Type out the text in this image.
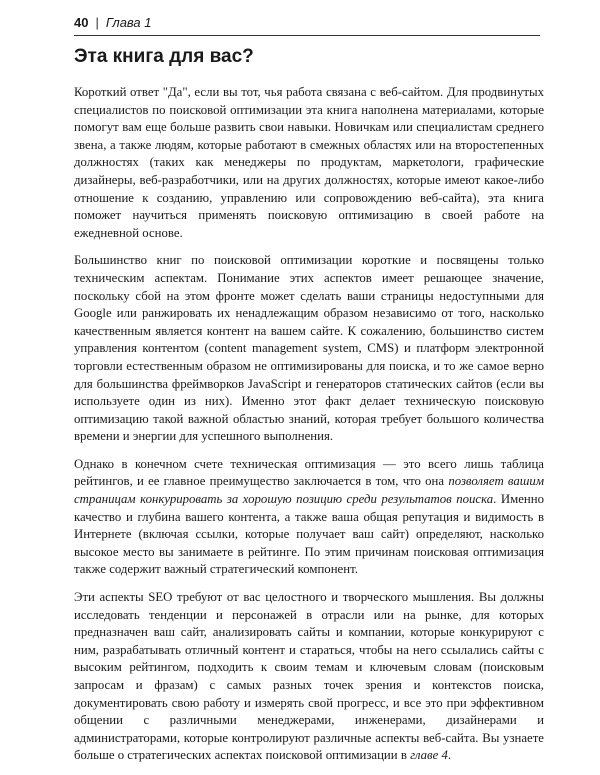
40 | Глава 1
Эта книга для вас?

Короткий ответ "Да", если вы тот, чья работа связана с веб-сайтом. Для продвинутых специалистов по поисковой оптимизации эта книга наполнена материалами, которые помогут вам еще больше развить свои навыки. Новичкам или специалистам среднего звена, а также людям, которые работают в смежных областях или на второстепенных должностях (таких как менеджеры по продуктам, маркетологи, графические дизайнеры, веб-разработчики, или на других должностях, которые имеют какое-либо отношение к созданию, управлению или сопровождению веб-сайта), эта книга поможет научиться применять поисковую оптимизацию в своей работе на ежедневной основе.

Большинство книг по поисковой оптимизации короткие и посвящены только техническим аспектам. Понимание этих аспектов имеет решающее значение, поскольку сбой на этом фронте может сделать ваши страницы недоступными для Google или ранжировать их ненадлежащим образом независимо от того, насколько качественным является контент на вашем сайте. К сожалению, большинство систем управления контентом (content management system, CMS) и платформ электронной торговли естественным образом не оптимизированы для поиска, и то же самое верно для большинства фреймворков JavaScript и генераторов статических сайтов (если вы используете один из них). Именно этот факт делает техническую поисковую оптимизацию такой важной областью знаний, которая требует большого количества времени и энергии для успешного выполнения.

Однако в конечном счете техническая оптимизация — это всего лишь таблица рейтингов, и ее главное преимущество заключается в том, что она позволяет вашим страницам конкурировать за хорошую позицию среди результатов поиска. Именно качество и глубина вашего контента, а также ваша общая репутация и видимость в Интернете (включая ссылки, которые получает ваш сайт) определяют, насколько высокое место вы занимаете в рейтинге. По этим причинам поисковая оптимизация также содержит важный стратегический компонент.

Эти аспекты SEO требуют от вас целостного и творческого мышления. Вы должны исследовать тенденции и персонажей в отрасли или на рынке, для которых предназначен ваш сайт, анализировать сайты и компании, которые конкурируют с ним, разрабатывать отличный контент и стараться, чтобы на него ссылались сайты с высоким рейтингом, подходить к своим темам и ключевым словам (поисковым запросам и фразам) с самых разных точек зрения и контекстов поиска, документировать свою работу и измерять свой прогресс, и все это при эффективном общении с различными менеджерами, инженерами, дизайнерами и администраторами, которые контролируют различные аспекты веб-сайта. Вы узнаете больше о стратегических аспектах поисковой оптимизации в главе 4.
